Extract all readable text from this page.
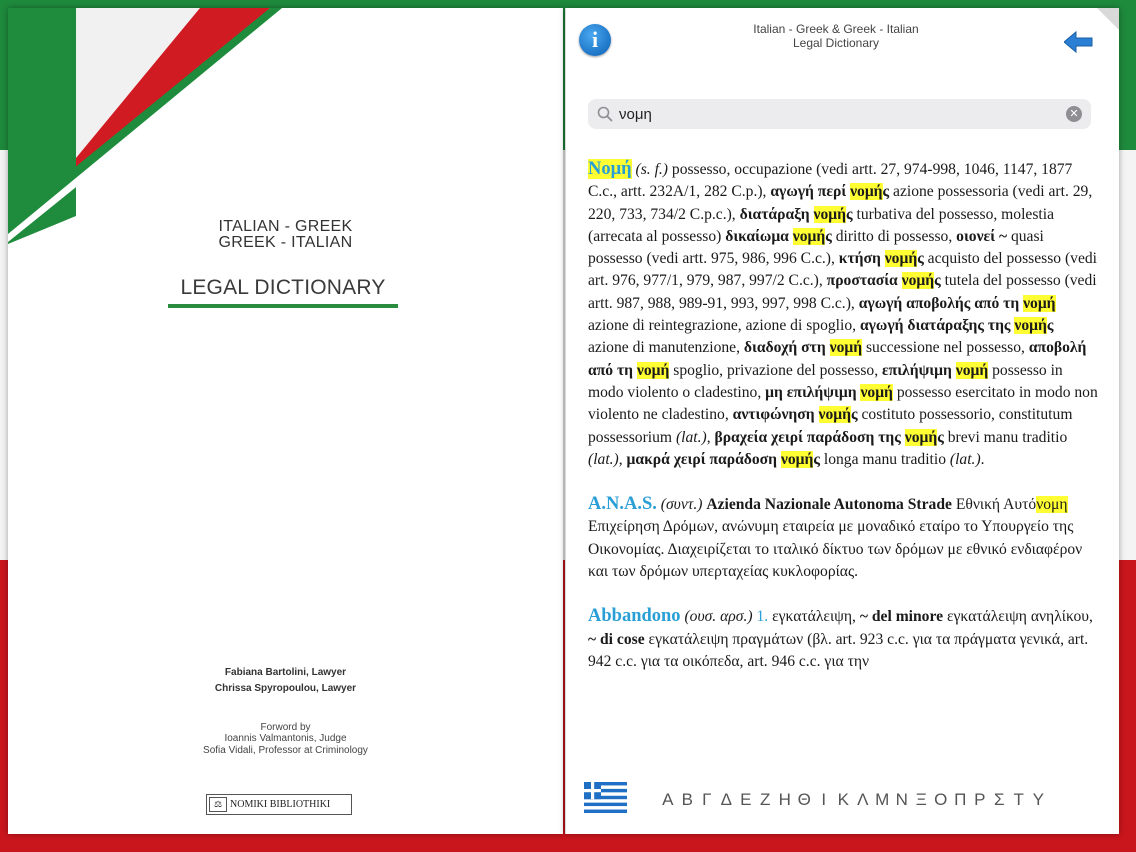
ITALIAN - GREEK
GREEK - ITALIAN
LEGAL DICTIONARY
Fabiana Bartolini, Lawyer
Chrissa Spyropoulou, Lawyer
Forword by
Ioannis Valmantonis, Judge
Sofia Vidali, Professor at Criminology
⚖ NOMIKI BIBLIOTHIKI
i	Italian - Greek & Greek - Italian
Legal Dictionary
νομη
✕
Νομή (s. f.) possesso, occupazione (vedi artt. 27, 974-998, 1046, 1147, 1877 C.c., artt. 232A/1, 282 C.p.), αγωγή περί νομής azione possessoria (vedi art. 29, 220, 733, 734/2 C.p.c.), διατάραξη νομής turbativa del possesso, molestia (arrecata al possesso) δικαίωμα νομής diritto di possesso, οιονεί ~ quasi possesso (vedi artt. 975, 986, 996 C.c.), κτήση νομής acquisto del possesso (vedi art. 976, 977/1, 979, 987, 997/2 C.c.), προστασία νομής tutela del possesso (vedi artt. 987, 988, 989-91, 993, 997, 998 C.c.), αγωγή αποβολής από τη νομή azione di reintegrazione, azione di spoglio, αγωγή διατάραξης της νομής azione di manutenzione, διαδοχή στη νομή successione nel possesso, αποβολή από τη νομή spoglio, privazione del possesso, επιλήψιμη νομή possesso in modo violento o cladestino, μη επιλήψιμη νομή possesso esercitato in modo non violento ne cladestino, αντιφώνηση νομής costituto possessorio, constitutum possessorium (lat.), βραχεία χειρί παράδοση της νομής brevi manu traditio (lat.), μακρά χειρί παράδοση νομής longa manu traditio (lat.).
A.N.A.S. (συντ.) Azienda Nazionale Autonoma Strade Εθνική Αυτόνομη Επιχείρηση Δρόμων, ανώνυμη εταιρεία με μοναδικό εταίρο το Υπουργείο της Οικονομίας. Διαχειρίζεται το ιταλικό δίκτυο των δρόμων με εθνικό ενδιαφέρον και των δρόμων υπερταχείας κυκλοφορίας.
Abbandono (ουσ. αρσ.) 1. εγκατάλειψη, ~ del minore εγκατάλειψη ανηλίκου, ~ di cose εγκατάλειψη πραγμάτων (βλ. art. 923 c.c. για τα πράγματα γενικά, art. 942 c.c. για τα οικόπεδα, art. 946 c.c. για την
Α Β Γ Δ Ε Ζ Η Θ Ι Κ Λ Μ Ν Ξ Ο Π Ρ Σ Τ Υ
